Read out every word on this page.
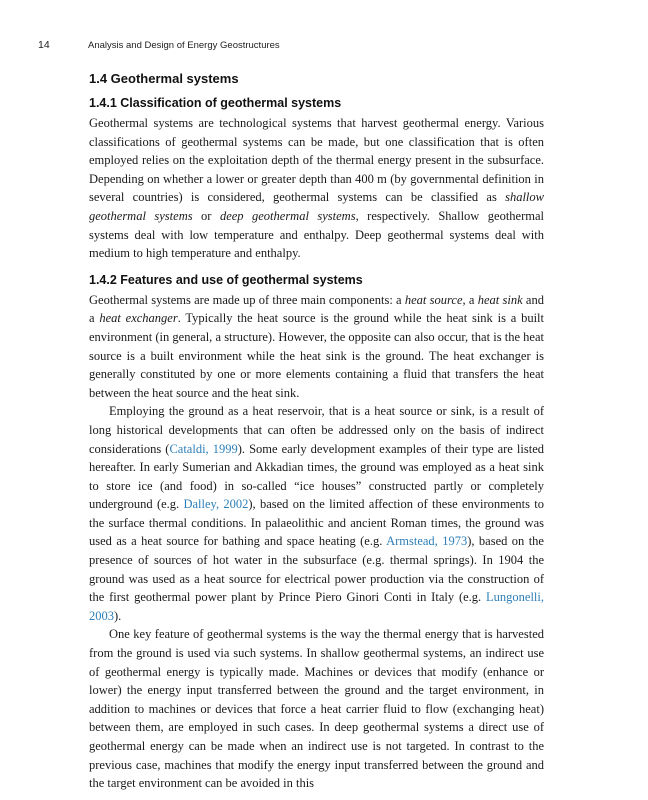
14	Analysis and Design of Energy Geostructures
1.4 Geothermal systems
1.4.1 Classification of geothermal systems

Geothermal systems are technological systems that harvest geothermal energy. Various classifications of geothermal systems can be made, but one classification that is often employed relies on the exploitation depth of the thermal energy present in the subsurface. Depending on whether a lower or greater depth than 400 m (by governmental definition in several countries) is considered, geothermal systems can be classified as shallow geothermal systems or deep geothermal systems, respectively. Shallow geothermal systems deal with low temperature and enthalpy. Deep geothermal systems deal with medium to high temperature and enthalpy.

1.4.2 Features and use of geothermal systems

Geothermal systems are made up of three main components: a heat source, a heat sink and a heat exchanger. Typically the heat source is the ground while the heat sink is a built environment (in general, a structure). However, the opposite can also occur, that is the heat source is a built environment while the heat sink is the ground. The heat exchanger is generally constituted by one or more elements containing a fluid that transfers the heat between the heat source and the heat sink.

Employing the ground as a heat reservoir, that is a heat source or sink, is a result of long historical developments that can often be addressed only on the basis of indirect considerations (Cataldi, 1999). Some early development examples of their type are listed hereafter. In early Sumerian and Akkadian times, the ground was employed as a heat sink to store ice (and food) in so-called “ice houses” constructed partly or completely underground (e.g. Dalley, 2002), based on the limited affection of these environments to the surface thermal conditions. In palaeolithic and ancient Roman times, the ground was used as a heat source for bathing and space heating (e.g. Armstead, 1973), based on the presence of sources of hot water in the subsurface (e.g. thermal springs). In 1904 the ground was used as a heat source for electrical power production via the construction of the first geothermal power plant by Prince Piero Ginori Conti in Italy (e.g. Lungonelli, 2003).

One key feature of geothermal systems is the way the thermal energy that is harvested from the ground is used via such systems. In shallow geothermal systems, an indirect use of geothermal energy is typically made. Machines or devices that modify (enhance or lower) the energy input transferred between the ground and the target environment, in addition to machines or devices that force a heat carrier fluid to flow (exchanging heat) between them, are employed in such cases. In deep geothermal systems a direct use of geothermal energy can be made when an indirect use is not targeted. In contrast to the previous case, machines that modify the energy input transferred between the ground and the target environment can be avoided in this
